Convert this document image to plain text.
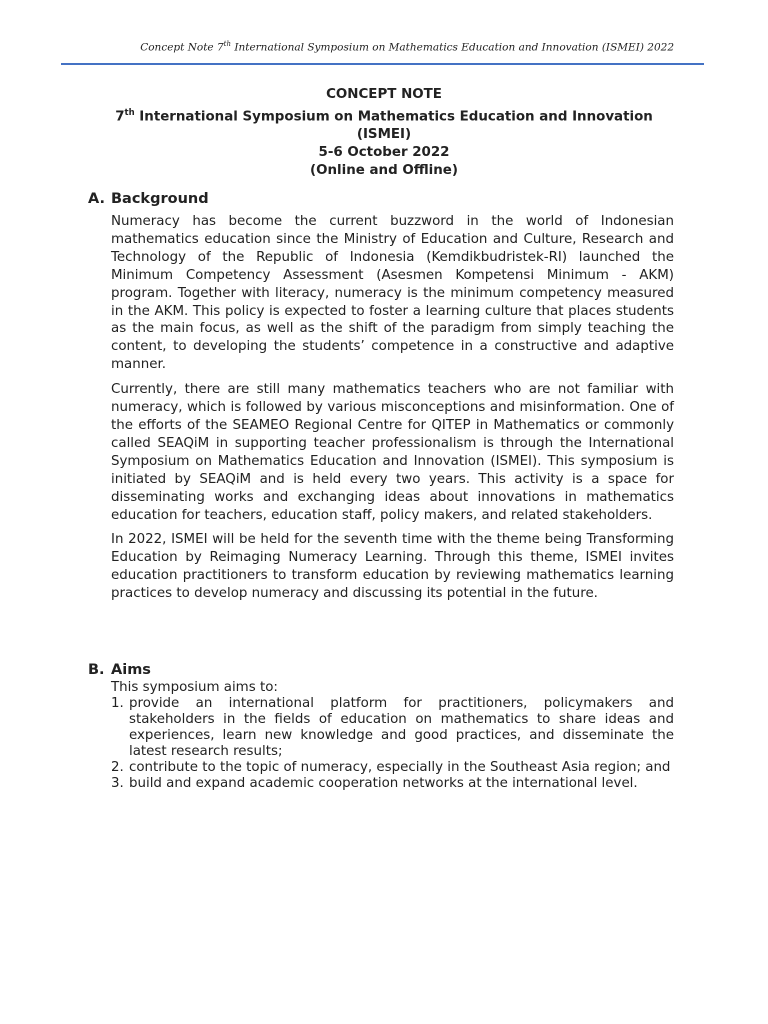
Concept Note 7th International Symposium on Mathematics Education and Innovation (ISMEI) 2022
CONCEPT NOTE
7th International Symposium on Mathematics Education and Innovation
(ISMEI)
5-6 October 2022
(Online and Offline)
A. Background

Numeracy has become the current buzzword in the world of Indonesian mathematics education since the Ministry of Education and Culture, Research and Technology of the Republic of Indonesia (Kemdikbudristek-RI) launched the Minimum Competency Assessment (Asesmen Kompetensi Minimum - AKM) program. Together with literacy, numeracy is the minimum competency measured in the AKM. This policy is expected to foster a learning culture that places students as the main focus, as well as the shift of the paradigm from simply teaching the content, to developing the students’ competence in a constructive and adaptive manner.

Currently, there are still many mathematics teachers who are not familiar with numeracy, which is followed by various misconceptions and misinformation. One of the efforts of the SEAMEO Regional Centre for QITEP in Mathematics or commonly called SEAQiM in supporting teacher professionalism is through the International Symposium on Mathematics Education and Innovation (ISMEI). This symposium is initiated by SEAQiM and is held every two years. This activity is a space for disseminating works and exchanging ideas about innovations in mathematics education for teachers, education staff, policy makers, and related stakeholders.

In 2022, ISMEI will be held for the seventh time with the theme being Transforming Education by Reimaging Numeracy Learning. Through this theme, ISMEI invites education practitioners to transform education by reviewing mathematics learning practices to develop numeracy and discussing its potential in the future.

B. Aims
This symposium aims to:
1. provide an international platform for practitioners, policymakers and stakeholders in the fields of education on mathematics to share ideas and experiences, learn new knowledge and good practices, and disseminate the latest research results;
2. contribute to the topic of numeracy, especially in the Southeast Asia region; and
3. build and expand academic cooperation networks at the international level.
